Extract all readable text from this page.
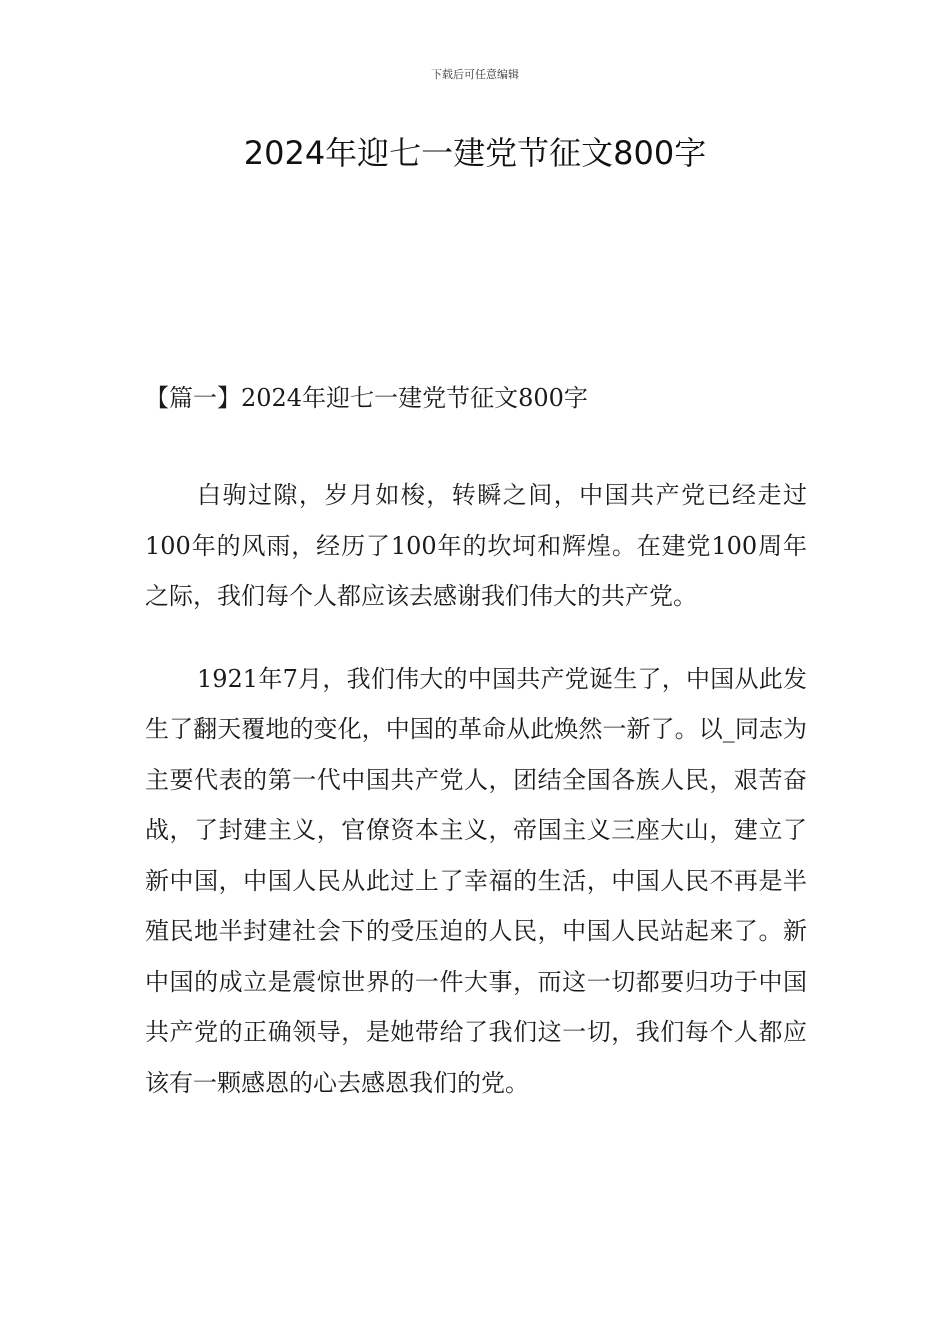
下载后可任意编辑
2024年迎七一建党节征文800字

【篇一】2024年迎七一建党节征文800字

白驹过隙，岁月如梭，转瞬之间，中国共产党已经走过100年的风雨，经历了100年的坎坷和辉煌。在建党100周年之际，我们每个人都应该去感谢我们伟大的共产党。

1921年7月，我们伟大的中国共产党诞生了，中国从此发生了翻天覆地的变化，中国的革命从此焕然一新了。以_同志为主要代表的第一代中国共产党人，团结全国各族人民，艰苦奋战，了封建主义，官僚资本主义，帝国主义三座大山，建立了新中国，中国人民从此过上了幸福的生活，中国人民不再是半殖民地半封建社会下的受压迫的人民，中国人民站起来了。新中国的成立是震惊世界的一件大事，而这一切都要归功于中国共产党的正确领导，是她带给了我们这一切，我们每个人都应该有一颗感恩的心去感恩我们的党。
